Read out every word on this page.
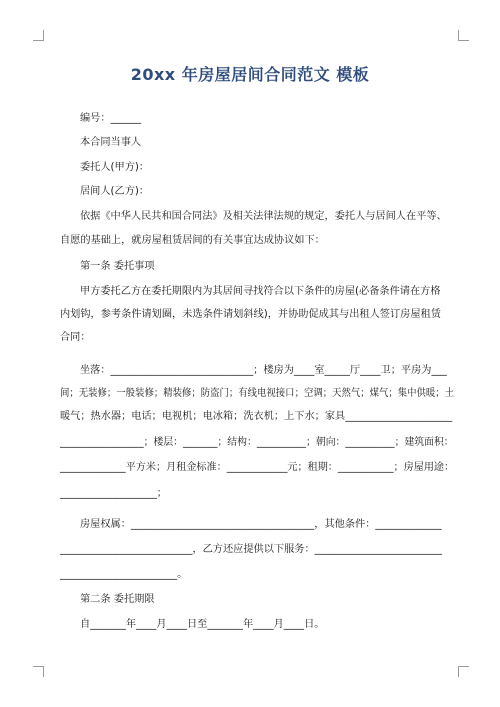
20xx 年房屋居间合同范文 模板
编号：______
本合同当事人
委托人(甲方)：
居间人(乙方)：
依据《中华人民共和国合同法》及相关法律法规的规定，委托人与居间人在平等、
自愿的基础上，就房屋租赁居间的有关事宜达成协议如下：
第一条 委托事项
甲方委托乙方在委托期限内为其居间寻找符合以下条件的房屋(必备条件请在方格
内划钩，参考条件请划圈，未选条件请划斜线)，并协助促成其与出租人签订房屋租赁
合同：
坐落：____________________________；楼房为____室_____厅____卫；平房为___
间；无装修；一般装修；精装修；防盗门；有线电视接口；空调；天然气；煤气；集中供暖；土
暖气；热水器；电话；电视机；电冰箱；洗衣机；上下水；家具_____________________
_________________；楼层：_______；结构：__________；朝向：__________；建筑面积：
_____________平方米；月租金标准：____________元；租期：___________；房屋用途：
___________________；
房屋权属：____________________________________，其他条件：_____________
__________________________，乙方还应提供以下服务：_________________________
_______________________。
第二条 委托期限
自_______年____月____日至_______年____月____日。
